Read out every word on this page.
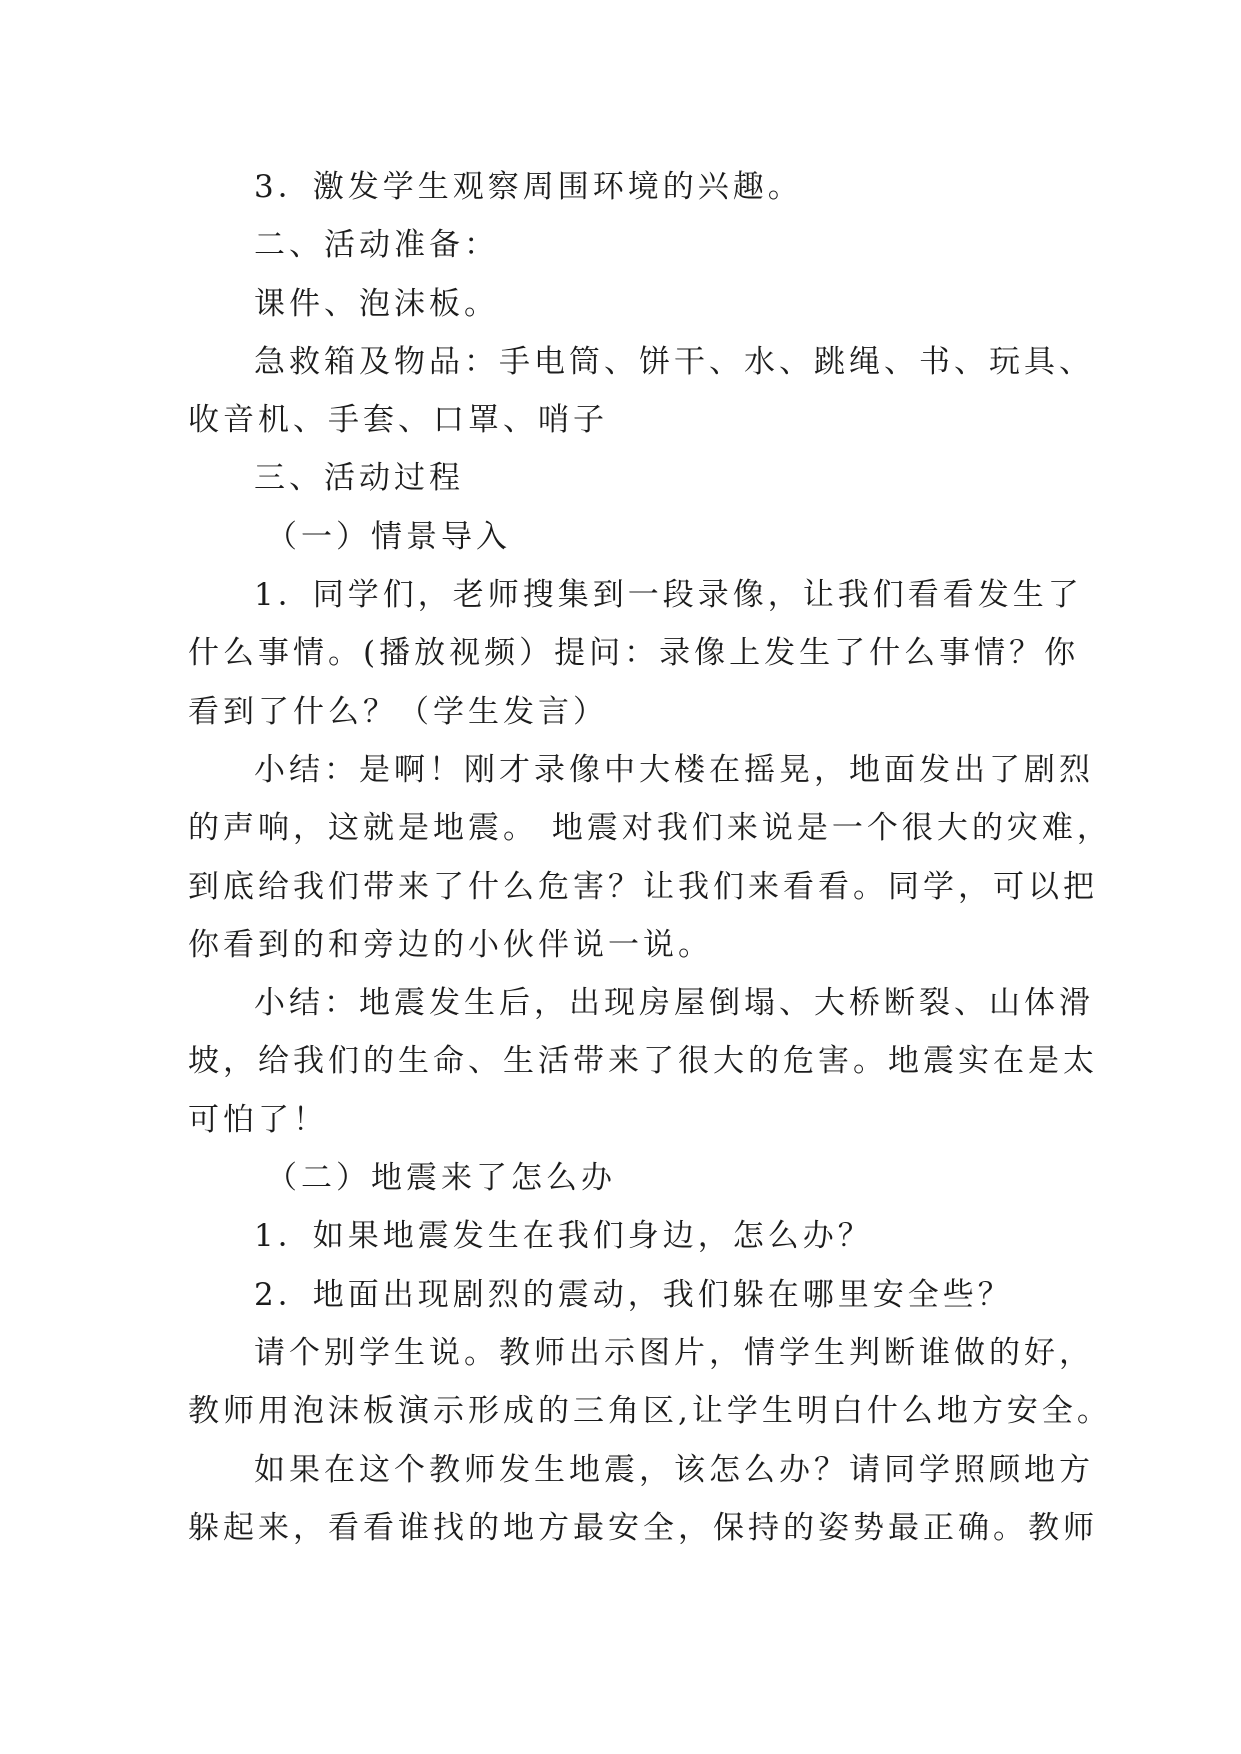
3．激发学生观察周围环境的兴趣。
二、活动准备：
课件、泡沫板。
急救箱及物品：手电筒、饼干、水、跳绳、书、玩具、
收音机、手套、口罩、哨子
三、活动过程
（一）情景导入
1．同学们，老师搜集到一段录像，让我们看看发生了
什么事情。(播放视频）提问：录像上发生了什么事情？你
看到了什么？（学生发言）
小结：是啊！刚才录像中大楼在摇晃，地面发出了剧烈
的声响，这就是地震。 地震对我们来说是一个很大的灾难，
到底给我们带来了什么危害？让我们来看看。同学，可以把
你看到的和旁边的小伙伴说一说。
小结：地震发生后，出现房屋倒塌、大桥断裂、山体滑
坡，给我们的生命、生活带来了很大的危害。地震实在是太
可怕了！
（二）地震来了怎么办
1．如果地震发生在我们身边，怎么办？
2．地面出现剧烈的震动，我们躲在哪里安全些？
请个别学生说。教师出示图片，情学生判断谁做的好，
教师用泡沫板演示形成的三角区,让学生明白什么地方安全。
如果在这个教师发生地震，该怎么办？请同学照顾地方
躲起来，看看谁找的地方最安全，保持的姿势最正确。教师
